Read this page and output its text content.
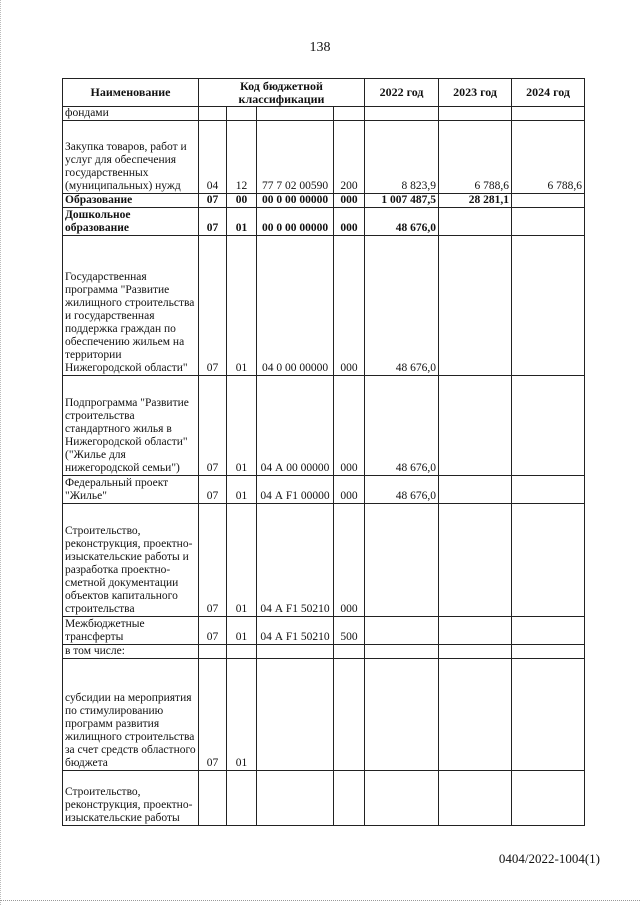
138
Наименование	Код бюджетной классификации				2022 год	2023 год	2024 год
фондами							
Закупка товаров, работ и услуг для обеспечения государственных (муниципальных) нужд	04	12	77 7 02 00590	200	8 823,9	6 788,6	6 788,6
Образование	07	00	00 0 00 00000	000	1 007 487,5	28 281,1	
Дошкольное образование	07	01	00 0 00 00000	000	48 676,0		
Государственная программа "Развитие жилищного строительства и государственная поддержка граждан по обеспечению жильем на территории Нижегородской области"	07	01	04 0 00 00000	000	48 676,0		
Подпрограмма "Развитие строительства стандартного жилья в Нижегородской области" ("Жилье для нижегородской семьи")	07	01	04 А 00 00000	000	48 676,0		
Федеральный проект "Жилье"	07	01	04 А F1 00000	000	48 676,0		
Строительство, реконструкция, проектно-изыскательские работы и разработка проектно-сметной документации объектов капитального строительства	07	01	04 А F1 50210	000			
Межбюджетные трансферты	07	01	04 А F1 50210	500			
в том числе:							
субсидии на мероприятия по стимулированию программ развития жилищного строительства за счет средств областного бюджета	07	01					
Строительство, реконструкция, проектно-изыскательские работы							
0404/2022-1004(1)
